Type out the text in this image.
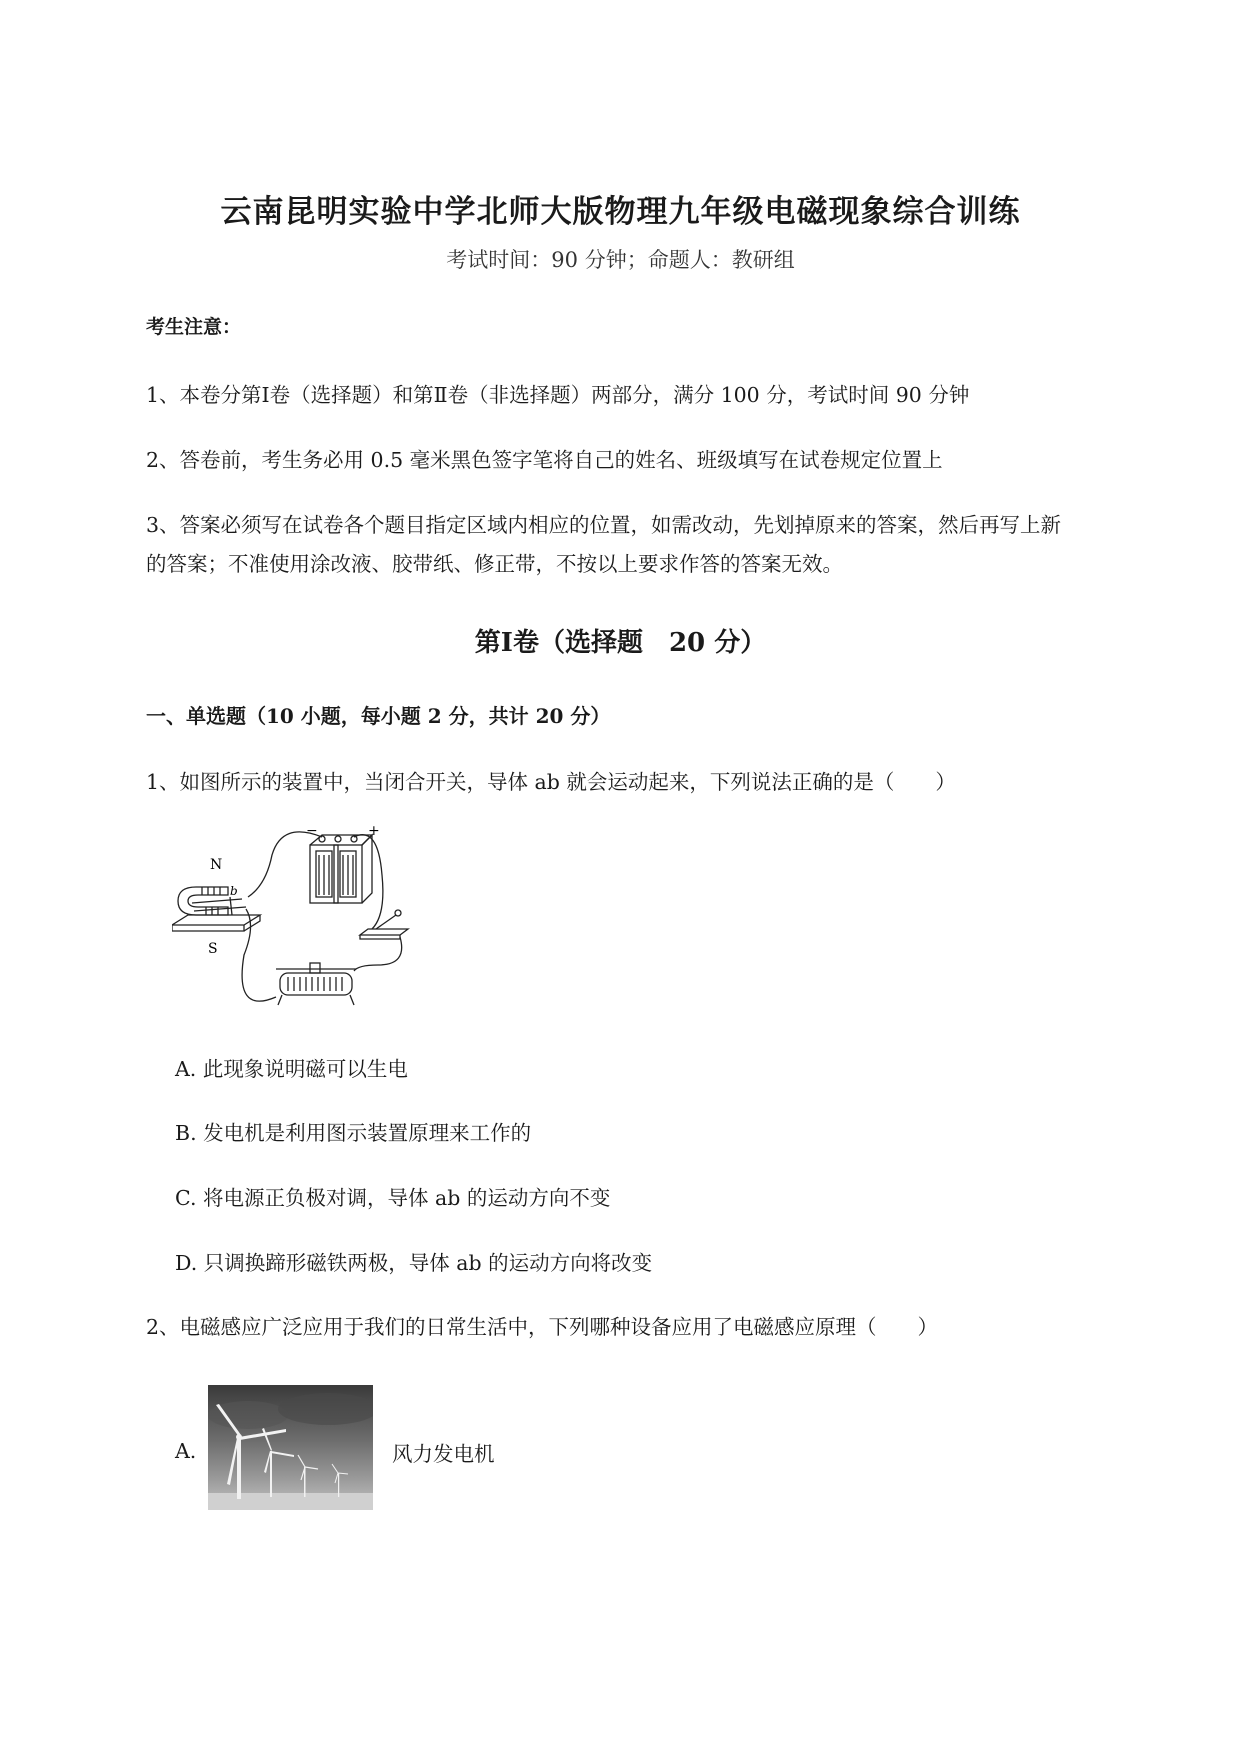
云南昆明实验中学北师大版物理九年级电磁现象综合训练
考试时间：90 分钟；命题人：教研组
考生注意：
1、本卷分第Ⅰ卷（选择题）和第Ⅱ卷（非选择题）两部分，满分 100 分，考试时间 90 分钟
2、答卷前，考生务必用 0.5 毫米黑色签字笔将自己的姓名、班级填写在试卷规定位置上
3、答案必须写在试卷各个题目指定区域内相应的位置，如需改动，先划掉原来的答案，然后再写上新
的答案；不准使用涂改液、胶带纸、修正带，不按以上要求作答的答案无效。
第Ⅰ卷（选择题　20 分）
一、单选题（10 小题，每小题 2 分，共计 20 分）
1、如图所示的装置中，当闭合开关，导体 ab 就会运动起来，下列说法正确的是（　　）
N
S
b
−	+
A. 此现象说明磁可以生电
B. 发电机是利用图示装置原理来工作的
C. 将电源正负极对调，导体 ab 的运动方向不变
D. 只调换蹄形磁铁两极，导体 ab 的运动方向将改变
2、电磁感应广泛应用于我们的日常生活中，下列哪种设备应用了电磁感应原理（　　）
A.	风力发电机
